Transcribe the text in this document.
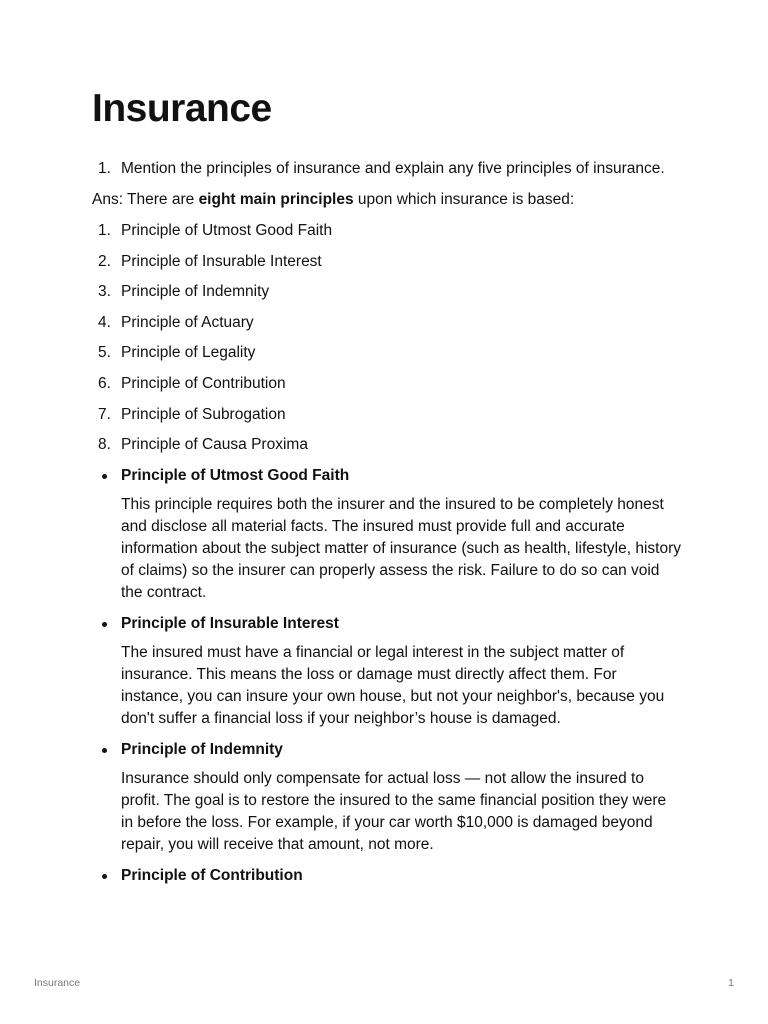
Insurance
1. Mention the principles of insurance and explain any five principles of insurance.

Ans: There are eight main principles upon which insurance is based:

1. Principle of Utmost Good Faith
2. Principle of Insurable Interest
3. Principle of Indemnity
4. Principle of Actuary
5. Principle of Legality
6. Principle of Contribution
7. Principle of Subrogation
8. Principle of Causa Proxima
Principle of Utmost Good Faith
This principle requires both the insurer and the insured to be completely honest and disclose all material facts. The insured must provide full and accurate information about the subject matter of insurance (such as health, lifestyle, history of claims) so the insurer can properly assess the risk. Failure to do so can void the contract.
Principle of Insurable Interest
The insured must have a financial or legal interest in the subject matter of insurance. This means the loss or damage must directly affect them. For instance, you can insure your own house, but not your neighbor's, because you don't suffer a financial loss if your neighbor’s house is damaged.
Principle of Indemnity
Insurance should only compensate for actual loss — not allow the insured to profit. The goal is to restore the insured to the same financial position they were in before the loss. For example, if your car worth $10,000 is damaged beyond repair, you will receive that amount, not more.
Principle of Contribution
Insurance	1
